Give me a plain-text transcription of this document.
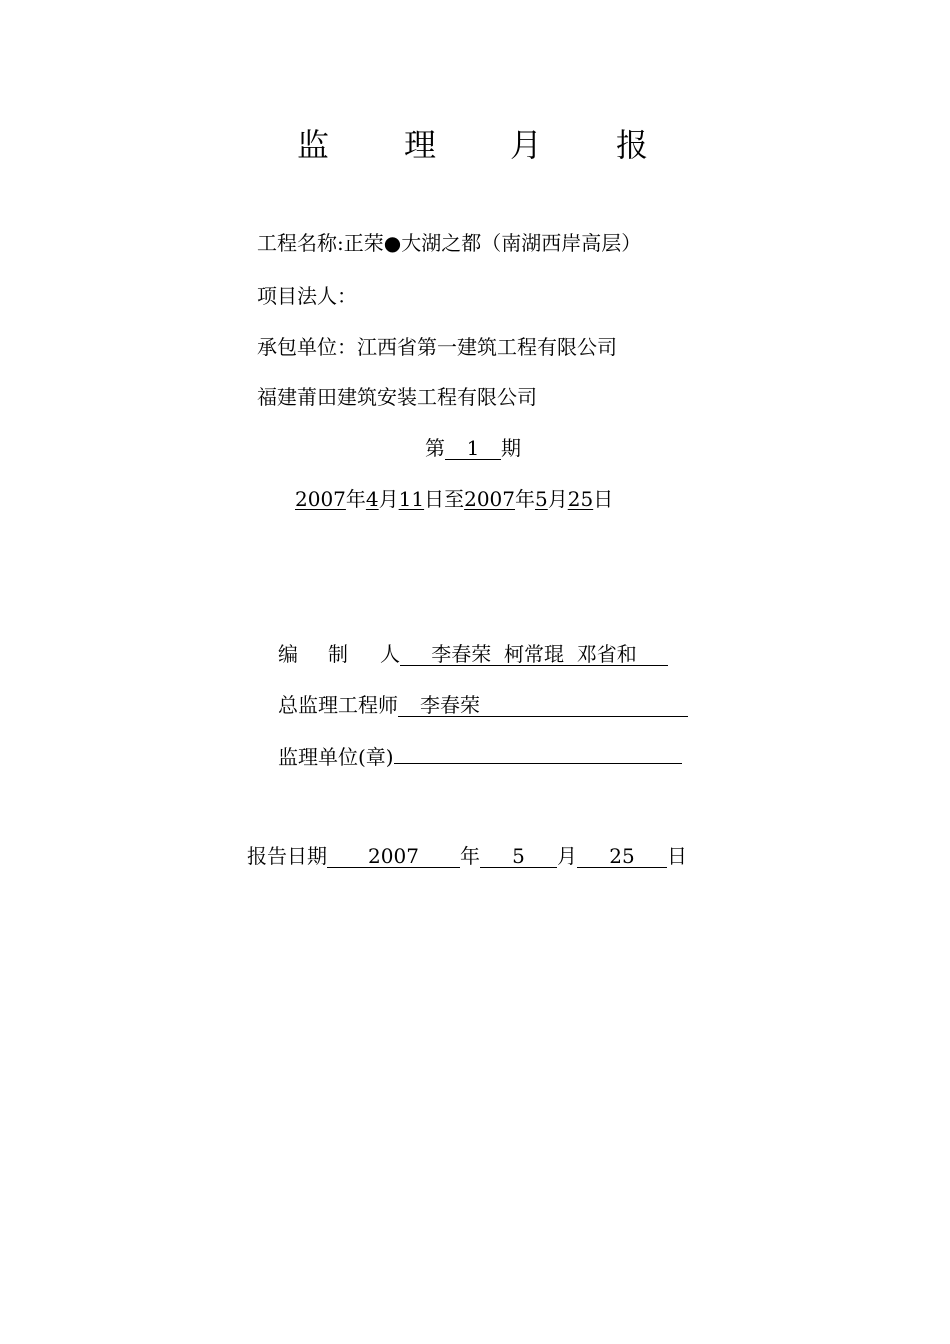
监 理 月 报
工程名称:正荣●大湖之都（南湖西岸高层）
项目法人：
承包单位：江西省第一建筑工程有限公司
福建莆田建筑安装工程有限公司
第 1 期
2007年4月11日至2007年5月25日
编 制 人 李春荣  柯常琨  邓省和
总监理工程师 李春荣
监理单位(章)
报告日期 2007 年 5 月 25 日
